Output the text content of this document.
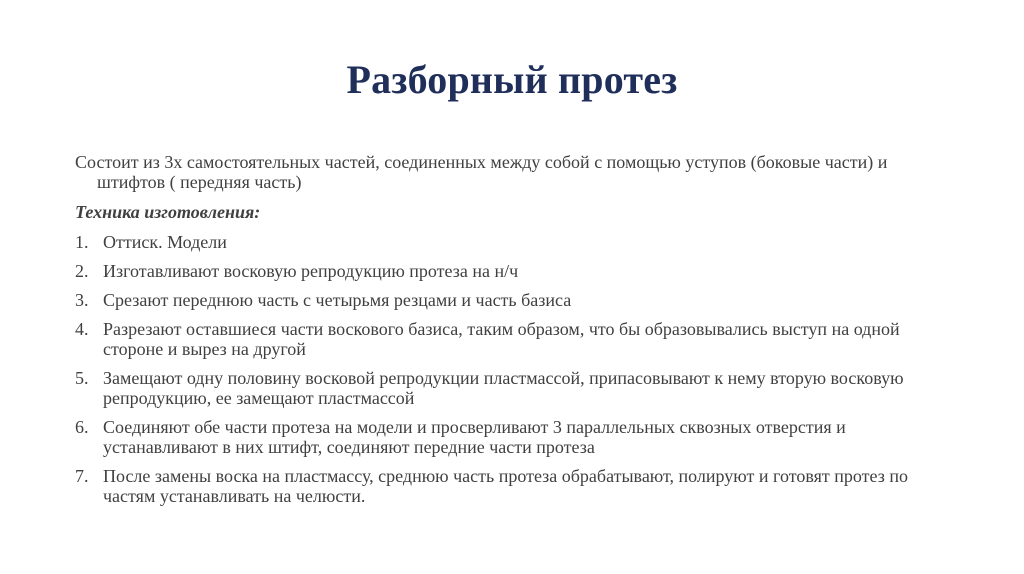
Разборный протез

Состоит из 3х самостоятельных частей, соединенных между собой с помощью уступов (боковые части) и штифтов ( передняя часть)

Техника изготовления:

1. Оттиск. Модели
2. Изготавливают восковую репродукцию протеза на н/ч
3. Срезают переднюю часть с четырьмя резцами и часть базиса
4. Разрезают оставшиеся части воскового базиса, таким образом, что бы образовывались выступ на одной стороне и вырез на другой
5. Замещают одну половину восковой репродукции пластмассой, припасовывают к нему вторую восковую репродукцию, ее замещают пластмассой
6. Соединяют обе части протеза на модели и просверливают 3 параллельных сквозных отверстия и устанавливают в них штифт, соединяют передние части протеза
7. После замены воска на пластмассу, среднюю часть протеза обрабатывают, полируют и готовят протез по частям устанавливать на челюсти.
